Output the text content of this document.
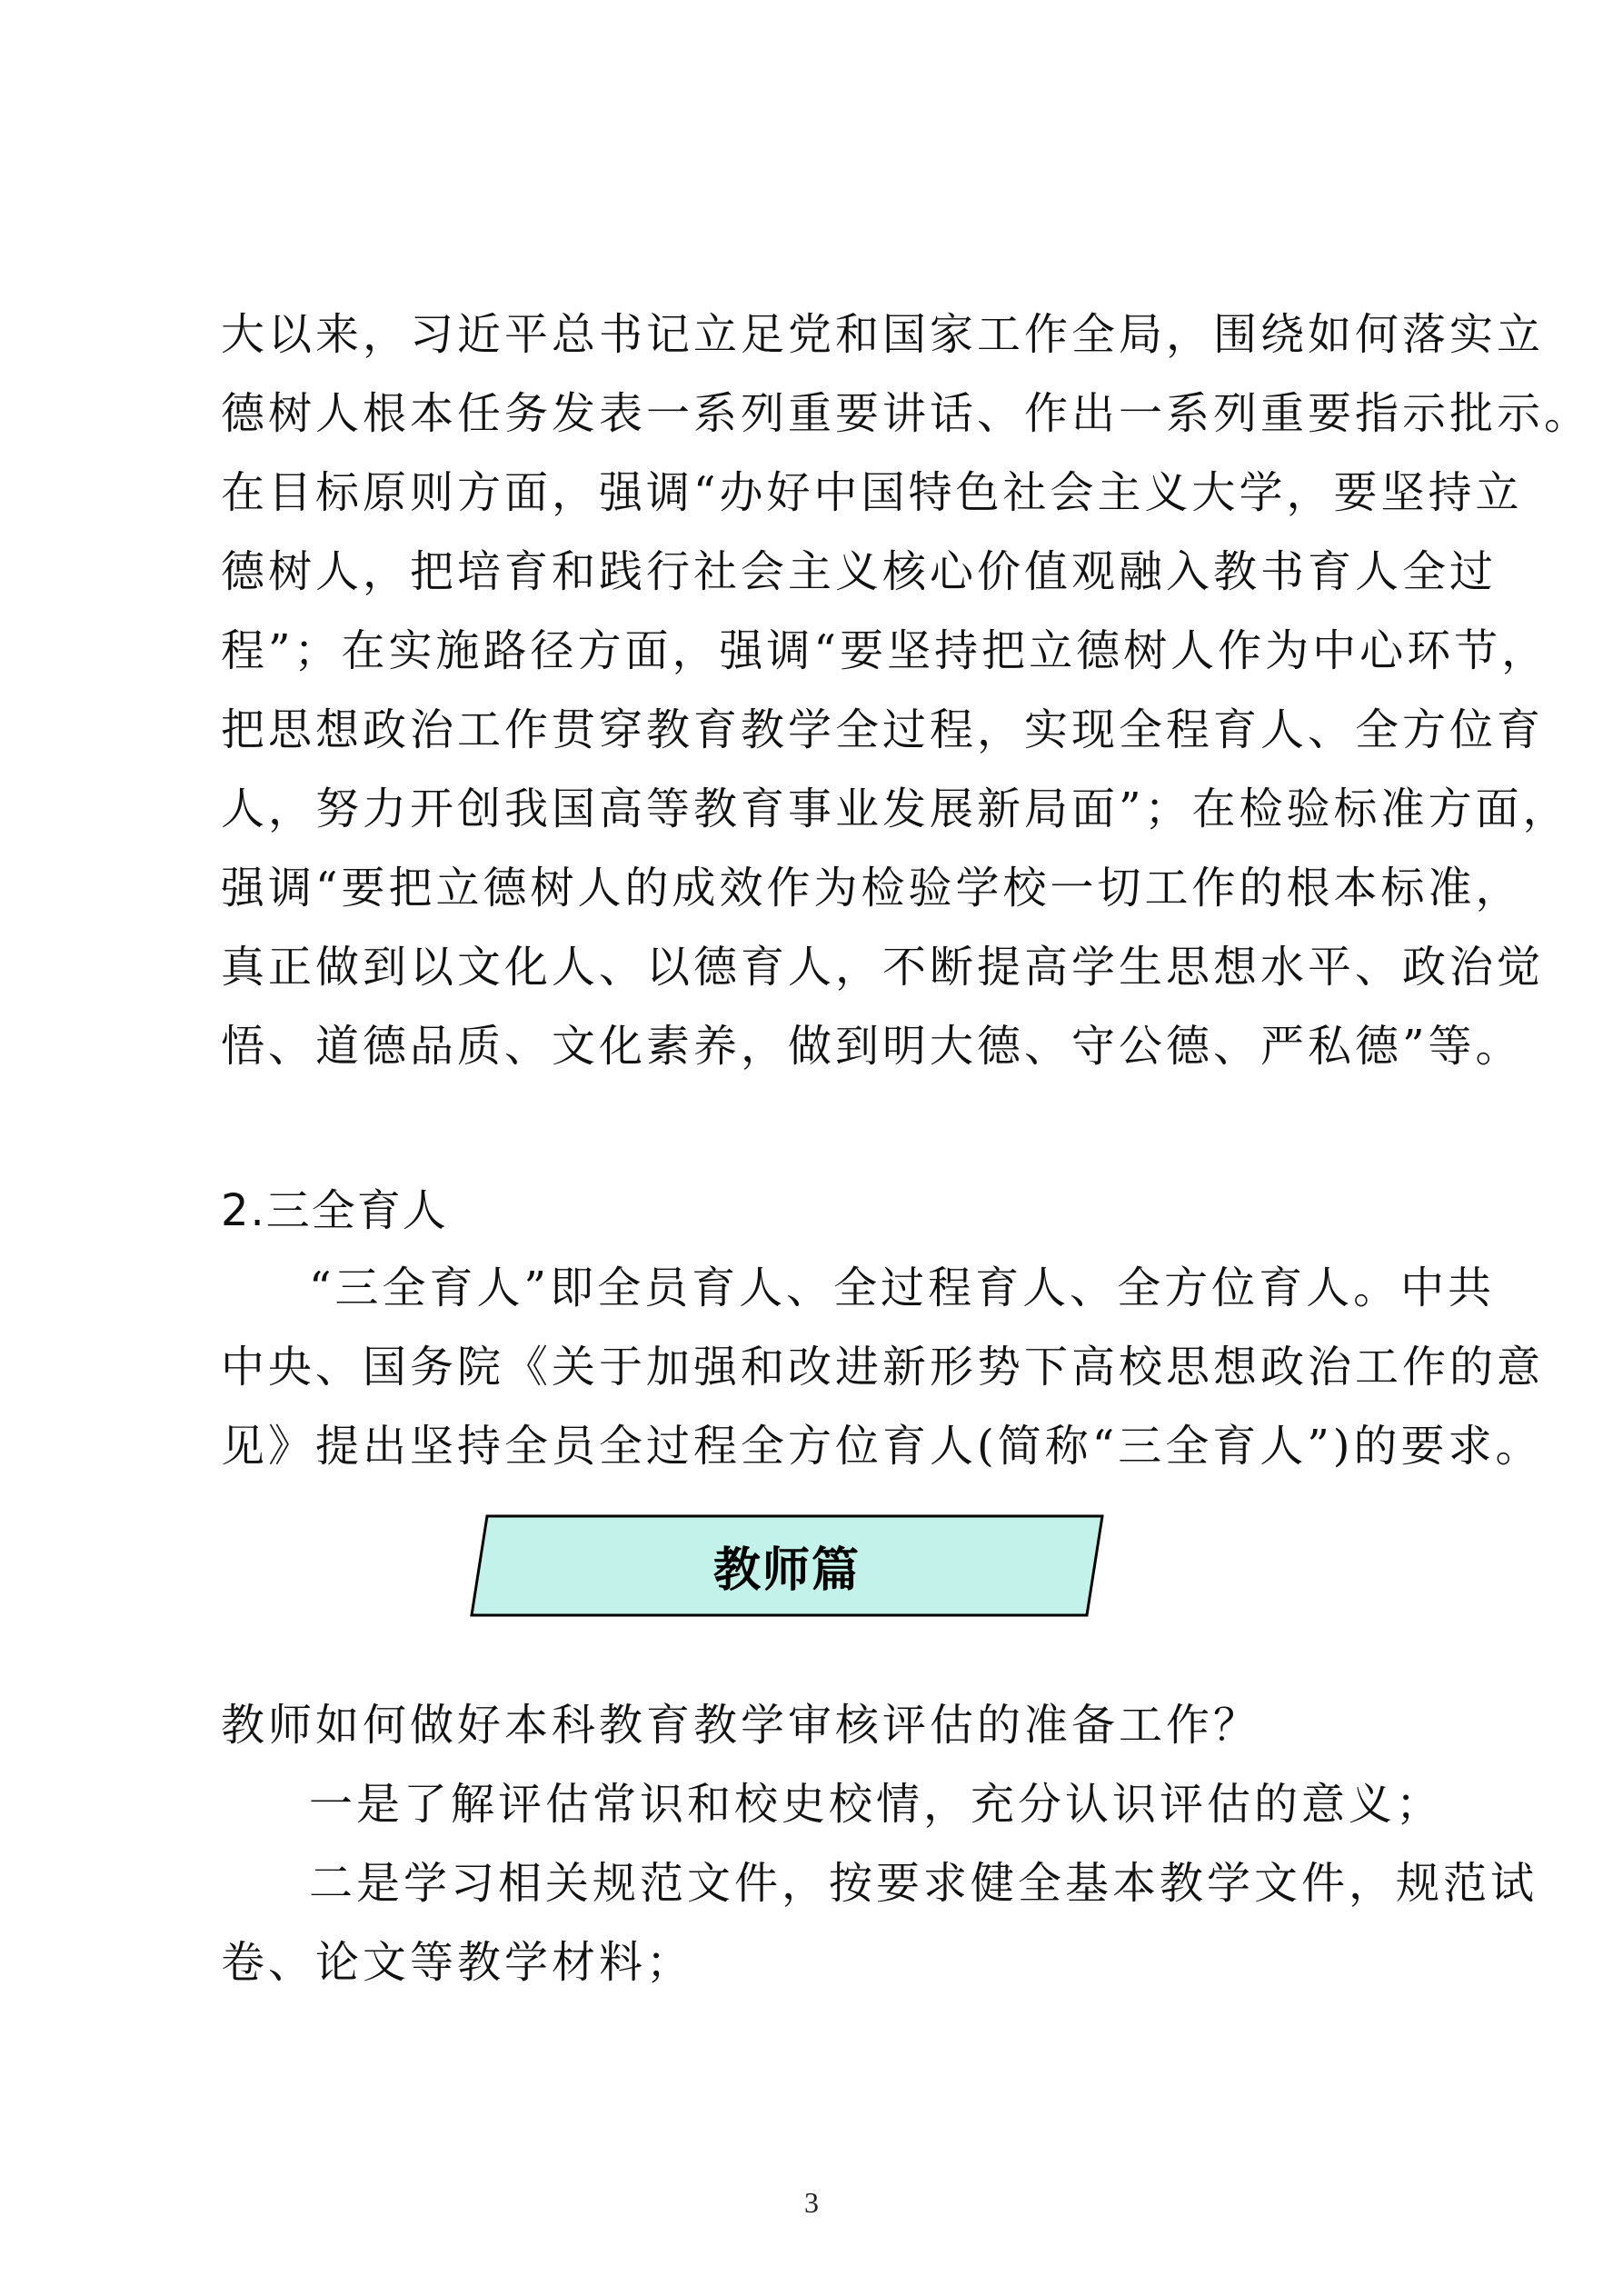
大以来，习近平总书记立足党和国家工作全局，围绕如何落实立
德树人根本任务发表一系列重要讲话、作出一系列重要指示批示。
在目标原则方面，强调“办好中国特色社会主义大学，要坚持立
德树人，把培育和践行社会主义核心价值观融入教书育人全过
程”；在实施路径方面，强调“要坚持把立德树人作为中心环节，
把思想政治工作贯穿教育教学全过程，实现全程育人、全方位育
人，努力开创我国高等教育事业发展新局面”；在检验标准方面，
强调“要把立德树人的成效作为检验学校一切工作的根本标准，
真正做到以文化人、以德育人，不断提高学生思想水平、政治觉
悟、道德品质、文化素养，做到明大德、守公德、严私德”等。
2.三全育人
“三全育人”即全员育人、全过程育人、全方位育人。中共
中央、国务院《关于加强和改进新形势下高校思想政治工作的意
见》提出坚持全员全过程全方位育人(简称“三全育人”)的要求。
教师篇
教师如何做好本科教育教学审核评估的准备工作？
一是了解评估常识和校史校情，充分认识评估的意义；
二是学习相关规范文件，按要求健全基本教学文件，规范试
卷、论文等教学材料；
3
